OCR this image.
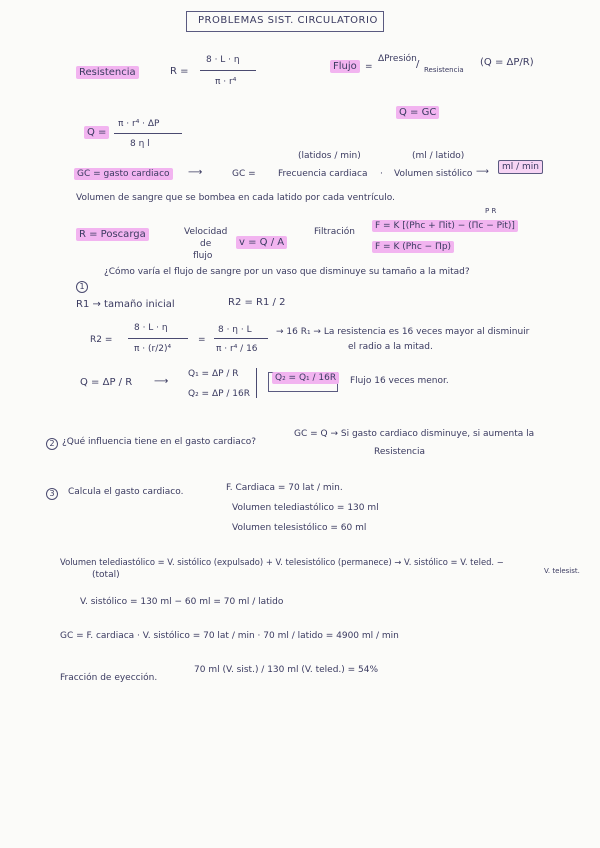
PROBLEMAS SIST. CIRCULATORIO
Resistencia	R =
8 · L · η
π · r⁴
Flujo =
ΔPresión / Resistencia
(Q = ΔP/R)
Q = GC
Q =
π · r⁴ · ΔP
8 η l
(latidos / min)	(ml / latido)
GC = gasto cardiaco	⟶	GC = Frecuencia cardiaca · Volumen sistólico ⟶	ml / min
Volumen de sangre que se bombea en cada latido por cada ventrículo.
R = Poscarga	Velocidad
de
flujo
v = Q / A
Filtración
P R
F = K [(Phc + Πit) − (Πc − Pit)]
F = K (Phc − Πp)
1
¿Cómo varía el flujo de sangre por un vaso que disminuye su tamaño a la mitad?
R1 → tamaño inicial	R2 = R1 / 2
R2 =
8 · L · η
π · (r/2)⁴
=
8 · η · L
π · r⁴ / 16
→ 16 R₁ → La resistencia es 16 veces mayor al disminuir
el radio a la mitad.
Q = ΔP / R ⟶
Q₁ = ΔP / R
Q₂ = ΔP / 16R
Q₂ = Q₁ / 16R	Flujo 16 veces menor.
2 ¿Qué influencia tiene en el gasto cardiaco?
GC = Q → Si gasto cardiaco disminuye, si aumenta la
Resistencia
3	Calcula el gasto cardiaco.	F. Cardiaca = 70 lat / min.
Volumen telediastólico = 130 ml
Volumen telesistólico = 60 ml
Volumen telediastólico = V. sistólico (expulsado) + V. telesistólico (permanece) → V. sistólico = V. teled. −
(total)	V. telesist.
V. sistólico = 130 ml − 60 ml = 70 ml / latido
GC = F. cardiaca · V. sistólico = 70 lat / min · 70 ml / latido = 4900 ml / min
Fracción de eyección.
70 ml (V. sist.) / 130 ml (V. teled.) = 54%
